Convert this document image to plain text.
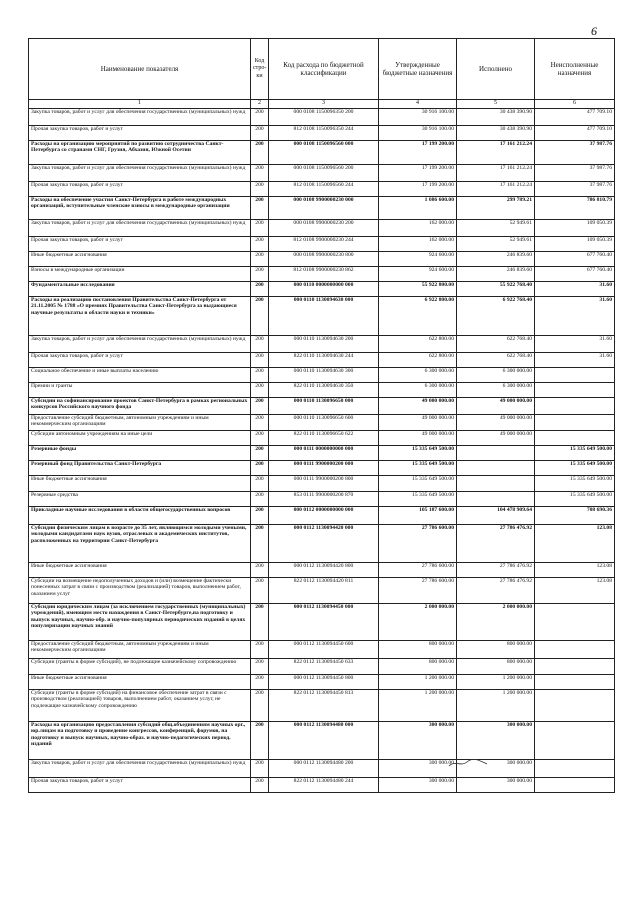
6
Наименование показателя	Код стро-ки	Код расхода по бюджетной классификации	Утвержденные бюджетные назначения	Исполнено	Неисполненные назначения
1	2	3	4	5	6
Закупка товаров, работ и услуг для обеспечения государственных (муниципальных) нужд	200	000 0108 1150096350 200	30 916 100.00	30 438 390.90	477 709.10
Прочая закупка товаров, работ и услуг	200	812 0108 1150096350 244	30 916 100.00	30 438 390.90	477 709.10
Расходы на организацию мероприятий по развитию сотрудничества Санкт-Петербурга со странами СНГ, Грузия, Абхазия, Южной Осетии	200	000 0108 1150096560 000	17 199 200.00	17 161 212.24	37 987.76
Закупка товаров, работ и услуг для обеспечения государственных (муниципальных) нужд	200	000 0108 1150096560 200	17 199 200.00	17 161 212.24	37 987.76
Прочая закупка товаров, работ и услуг	200	812 0108 1150096560 244	17 199 200.00	17 161 212.24	37 987.76
Расходы на обеспечение участия Санкт-Петербурга в работе международных организаций, вступительные членские взносы в международные организации	200	000 0108 9900000230 000	1 086 600.00	299 789.21	786 810.79
Закупка товаров, работ и услуг для обеспечения государственных (муниципальных) нужд	200	000 0108 9900000230 200	162 000.00	52 949.61	109 050.39
Прочая закупка товаров, работ и услуг	200	812 0108 9900000230 244	162 000.00	52 949.61	109 050.39
Иные бюджетные ассигнования	200	000 0108 9900000230 800	924 600.00	246 839.60	677 760.40
Взносы в международные организации	200	812 0108 9900000230 862	924 600.00	246 839.60	677 760.40
Фундаментальные исследования	200	000 0110 0000000000 000	55 922 800.00	55 922 768.40	31.60
Расходы на реализацию постановления Правительства Санкт-Петербурга от 21.11.2005 № 1788 «О премиях Правительства Санкт-Петербурга за выдающиеся научные результаты в области науки и техники»	200	000 0110 1130094630 000	6 922 800.00	6 922 768.40	31.60
Закупка товаров, работ и услуг для обеспечения государственных (муниципальных) нужд	200	000 0110 1130094630 200	622 800.00	622 768.40	31.60
Прочая закупка товаров, работ и услуг	200	822 0110 1130094630 244	622 800.00	622 768.40	31.60
Социальное обеспечение и иные выплаты населению	200	000 0110 1130094630 300	6 300 000.00	6 300 000.00	
Премии и гранты	200	822 0110 1130094630 350	6 300 000.00	6 300 000.00	
Субсидии на софинансирование проектов Санкт-Петербурга в рамках региональных конкурсов Российского научного фонда	200	000 0110 1130096650 000	49 000 000.00	49 000 000.00	
Предоставление субсидий бюджетным, автономным учреждениям и иным некоммерческим организациям	200	000 0110 1130096650 600	49 000 000.00	49 000 000.00	
Субсидии автономным учреждениям на иные цели	200	822 0110 1130096650 622	49 000 000.00	49 000 000.00	
Резервные фонды	200	000 0111 0000000000 000	15 335 649 500.00		15 335 649 500.00
Резервный фонд Правительства Санкт-Петербурга	200	000 0111 9900000200 000	15 335 649 500.00		15 335 649 500.00
Иные бюджетные ассигнования	200	000 0111 9900000200 800	15 335 649 500.00		15 335 649 500.00
Резервные средства	200	853 0111 9900000200 870	15 335 649 500.00		15 335 649 500.00
Прикладные научные исследования в области общегосударственных вопросов	200	000 0112 0000000000 000	105 187 600.00	104 478 909.64	708 690.36
Субсидии физическим лицам в возрасте до 35 лет, являющимся молодыми учеными, молодыми кандидатами наук вузов, отраслевых и академических институтов, расположенных на территории Санкт-Петербурга	200	000 0112 1130094420 000	27 786 600.00	27 786 476.92	123.08
Иные бюджетные ассигнования	200	000 0112 1130094420 800	27 786 600.00	27 786 476.92	123.08
Субсидии на возмещение недополученных доходов и (или) возмещение фактически понесенных затрат в связи с производством (реализацией) товаров, выполнением работ, оказанием услуг	200	822 0112 1130094420 811	27 786 600.00	27 786 476.92	123.08
Субсидии юридическим лицам (за исключением государственных (муниципальных) учреждений), имеющим место нахождения в Санкт-Петербурге,на подготовку и выпуск научных, научно-обр. и научно-популярных периодических изданий в целях популяризации научных знаний	200	000 0112 1130094450 000	2 000 000.00	2 000 000.00	
Предоставление субсидий бюджетным, автономным учреждениям и иным некоммерческим организациям	200	000 0112 1130094450 600	800 000.00	800 000.00	
Субсидии (гранты в форме субсидий), не подлежащие казначейскому сопровождению	200	822 0112 1130094450 633	800 000.00	800 000.00	
Иные бюджетные ассигнования	200	000 0112 1130094450 800	1 200 000.00	1 200 000.00	
Субсидии (гранты в форме субсидий) на финансовое обеспечение затрат в связи с производством (реализацией) товаров, выполнением работ, оказанием услуг, не подлежащие казначейскому сопровождению	200	822 0112 1130094450 813	1 200 000.00	1 200 000.00	
Расходы на организацию предоставления субсидий общ.объединениям научных орг., юр.лицам на подготовку и проведение конгрессов, конференций, форумов, на подготовку и выпуск научных, научно-образ. и научно-педагогических период. изданий	200	000 0112 1130094480 000	300 000.00	300 000.00	
Закупка товаров, работ и услуг для обеспечения государственных (муниципальных) нужд	200	000 0112 1130094480 200	300 000.00	300 000.00	
Прочая закупка товаров, работ и услуг	200	822 0112 1130094480 244	300 000.00	300 000.00	
